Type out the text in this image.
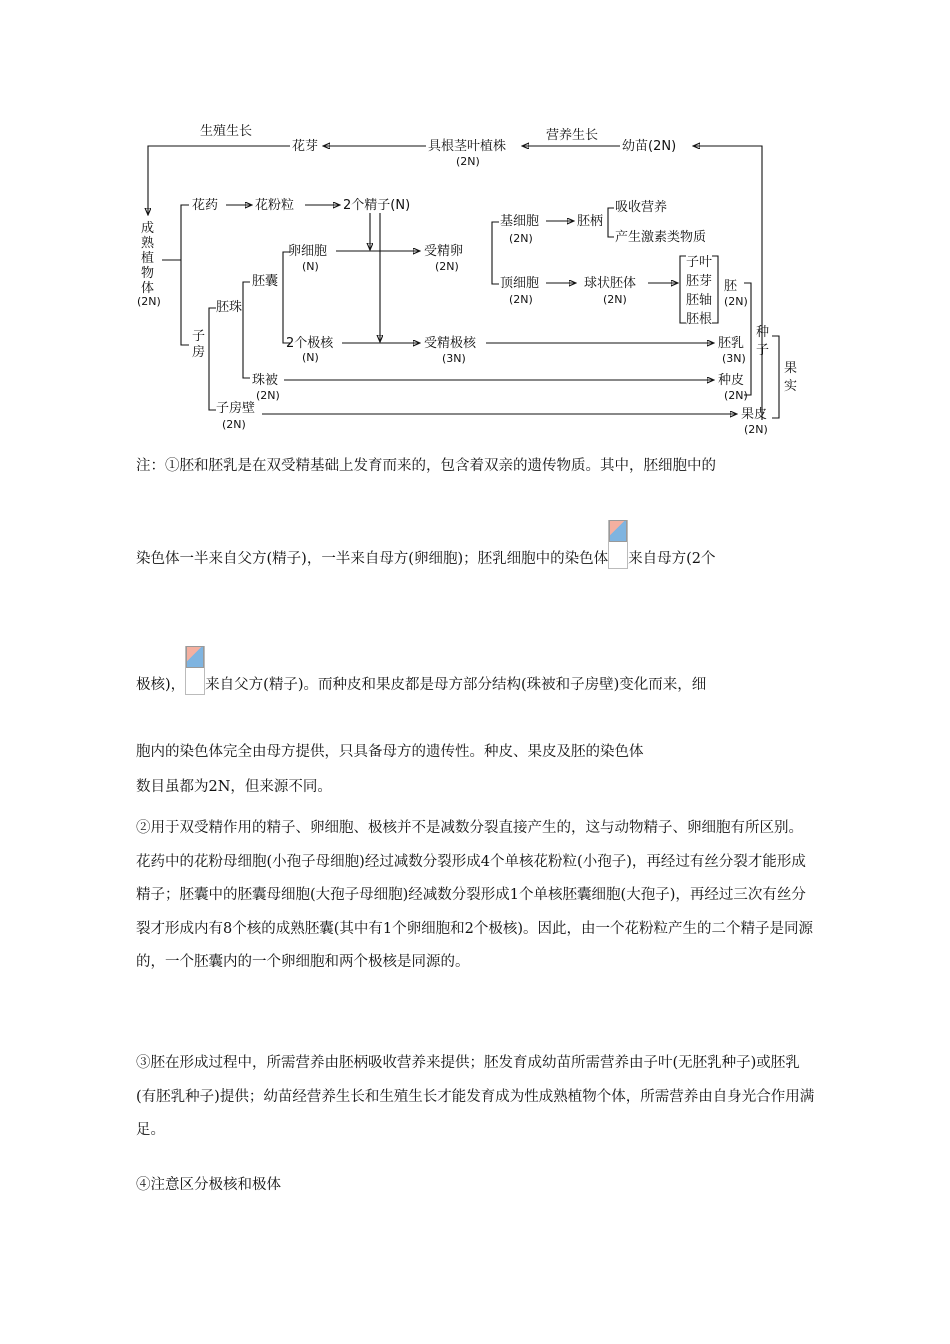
生殖生长
花芽	具根茎叶植株
(2N)
营养生长
幼苗(2N)
成
熟
植
物
体
(2N)
花药	花粉粒	2个精子(N)
子
房
胚珠
胚囊
卵细胞
(N)
受精卵
(2N)
基细胞
(2N)
胚柄
吸收营养
产生激素类物质
顶细胞
(2N)
球状胚体
(2N)
子叶
胚芽
胚轴
胚根
胚
(2N)
2个极核
(N)
受精极核
(3N)
胚乳
(3N)
珠被
(2N)
种皮
(2N)
子房壁
(2N)
果皮
(2N)
种
子
果
实
注：①胚和胚乳是在双受精基础上发育而来的，包含着双亲的遗传物质。其中，胚细胞中的
染色体一半来自父方(精子)，一半来自母方(卵细胞)；胚乳细胞中的染色体 来自母方(2个
极核)， 来自父方(精子)。而种皮和果皮都是母方部分结构(珠被和子房壁)变化而来，细
胞内的染色体完全由母方提供，只具备母方的遗传性。种皮、果皮及胚的染色体
数目虽都为2N，但来源不同。
②用于双受精作用的精子、卵细胞、极核并不是减数分裂直接产生的，这与动物精子、卵细胞有所区别。花药中的花粉母细胞(小孢子母细胞)经过减数分裂形成4个单核花粉粒(小孢子)，再经过有丝分裂才能形成精子；胚囊中的胚囊母细胞(大孢子母细胞)经减数分裂形成1个单核胚囊细胞(大孢子)，再经过三次有丝分裂才形成内有8个核的成熟胚囊(其中有1个卵细胞和2个极核)。因此，由一个花粉粒产生的二个精子是同源的，一个胚囊内的一个卵细胞和两个极核是同源的。
③胚在形成过程中，所需营养由胚柄吸收营养来提供；胚发育成幼苗所需营养由子叶(无胚乳种子)或胚乳(有胚乳种子)提供；幼苗经营养生长和生殖生长才能发育成为性成熟植物个体，所需营养由自身光合作用满足。
④注意区分极核和极体
